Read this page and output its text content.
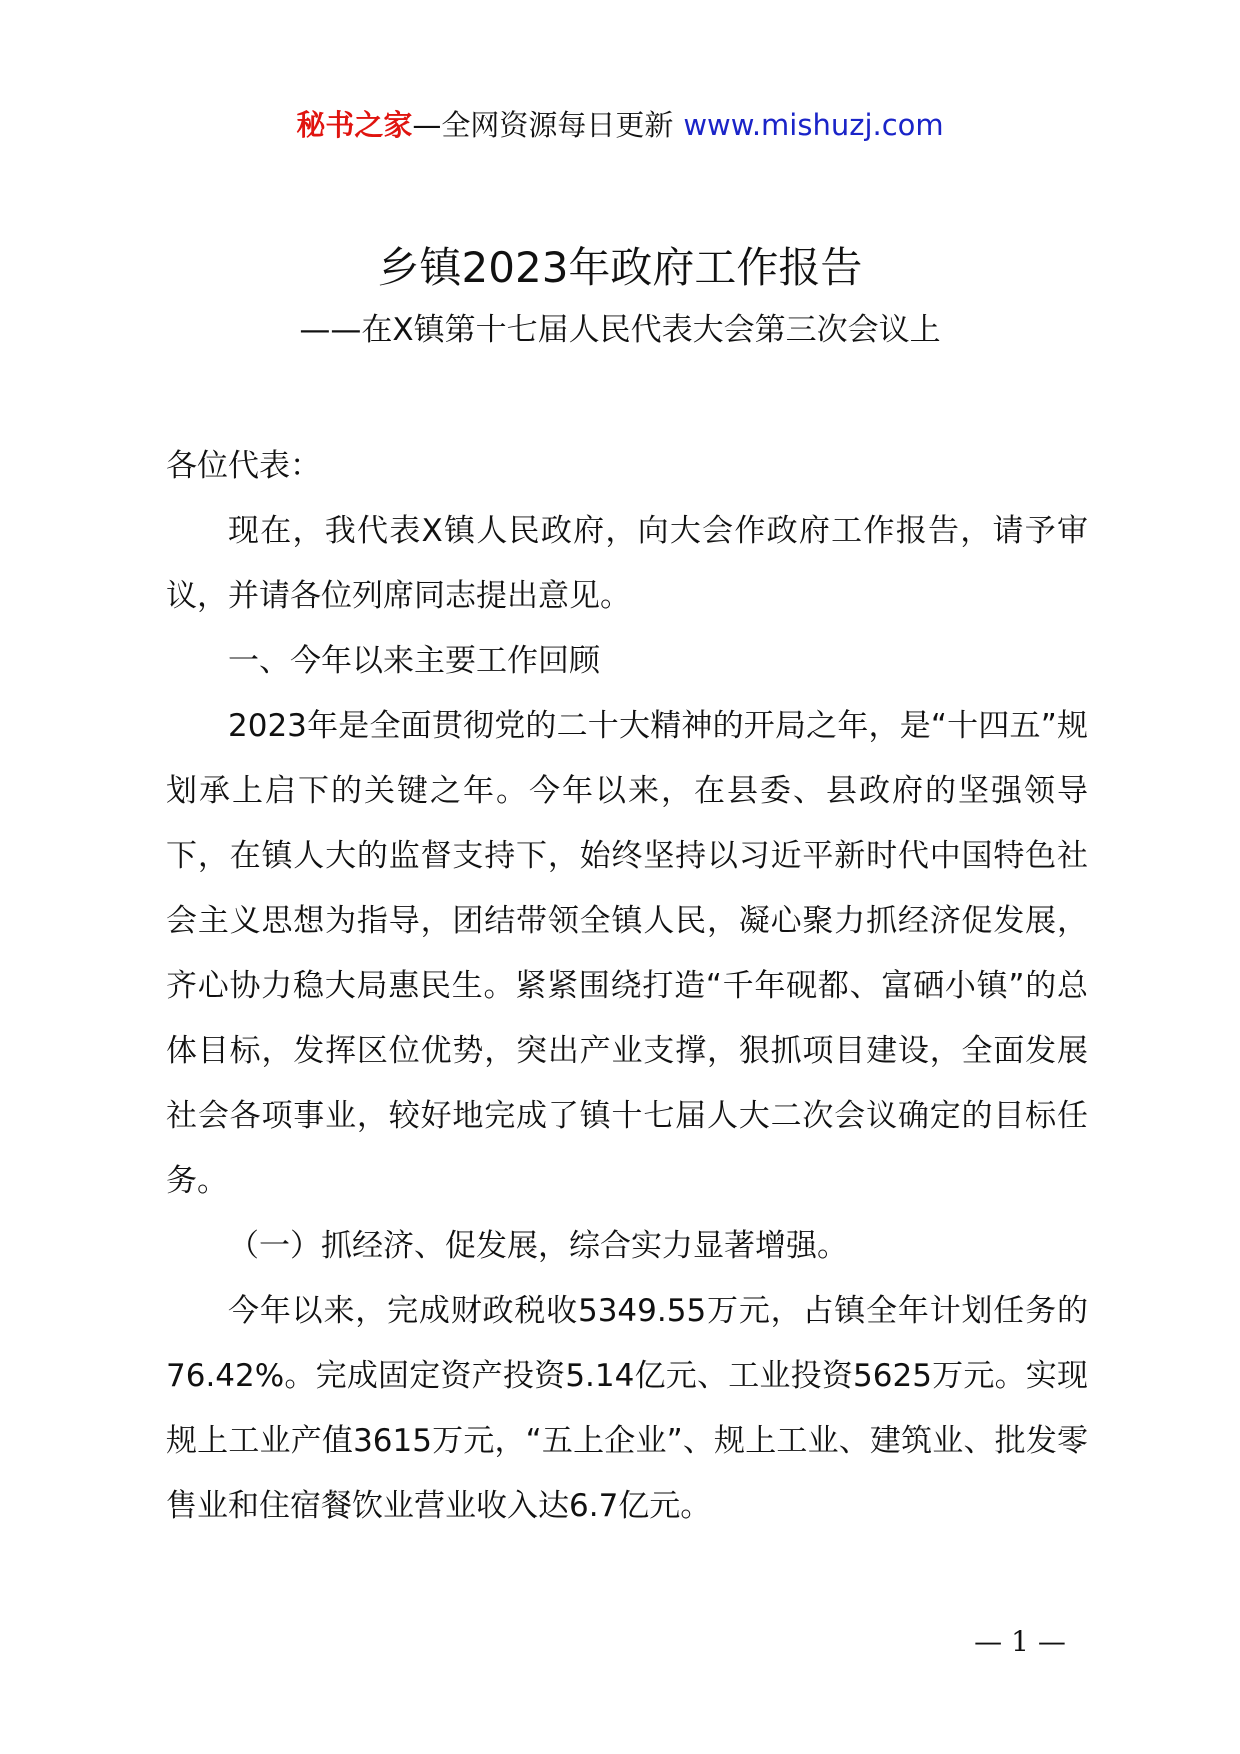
秘书之家—全网资源每日更新 www.mishuzj.com
乡镇2023年政府工作报告
——在X镇第十七届人民代表大会第三次会议上

各位代表：

现在，我代表X镇人民政府，向大会作政府工作报告，请予审议，并请各位列席同志提出意见。

一、今年以来主要工作回顾

2023年是全面贯彻党的二十大精神的开局之年，是“十四五”规划承上启下的关键之年。今年以来，在县委、县政府的坚强领导下，在镇人大的监督支持下，始终坚持以习近平新时代中国特色社会主义思想为指导，团结带领全镇人民，凝心聚力抓经济促发展，齐心协力稳大局惠民生。紧紧围绕打造“千年砚都、富硒小镇”的总体目标，发挥区位优势，突出产业支撑，狠抓项目建设，全面发展社会各项事业，较好地完成了镇十七届人大二次会议确定的目标任务。

（一）抓经济、促发展，综合实力显著增强。

今年以来，完成财政税收5349.55万元，占镇全年计划任务的76.42%。完成固定资产投资5.14亿元、工业投资5625万元。实现规上工业产值3615万元，“五上企业”、规上工业、建筑业、批发零售业和住宿餐饮业营业收入达6.7亿元。

— 1 —
